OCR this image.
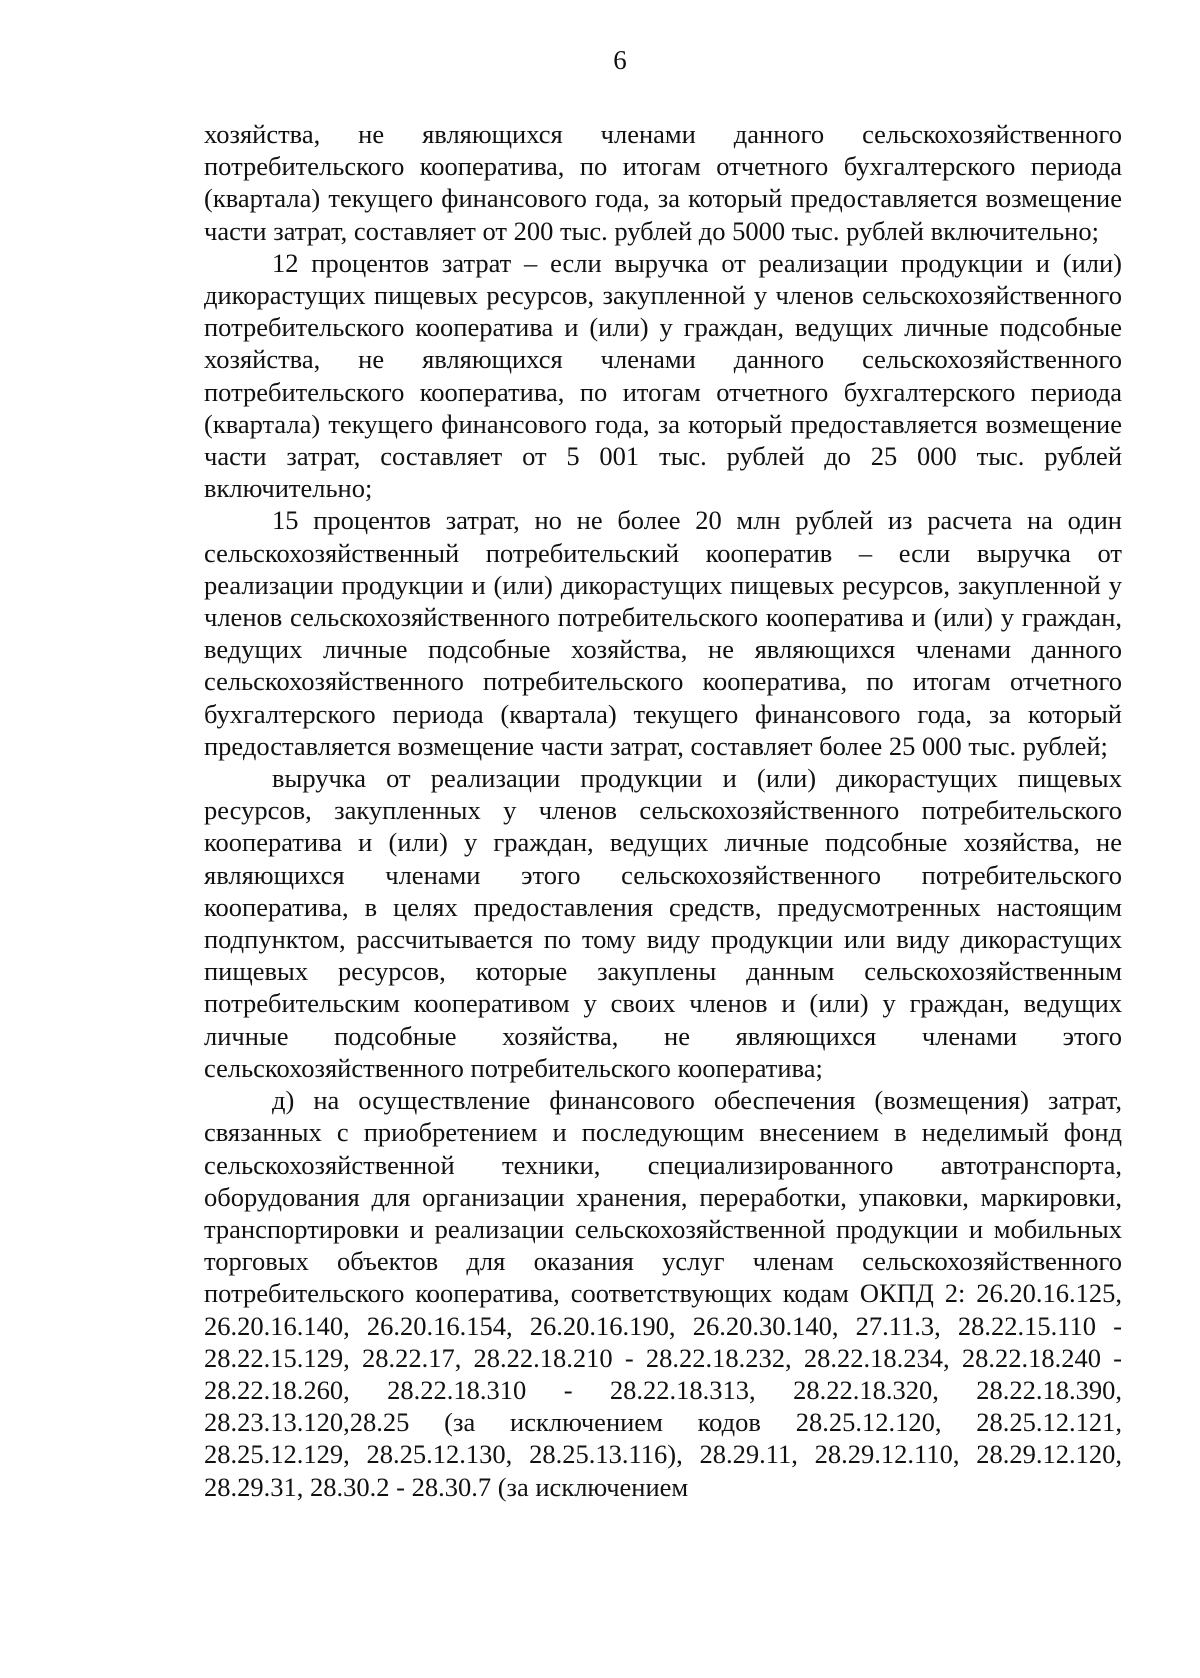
6

хозяйства, не являющихся членами данного сельскохозяйственного потребительского кооператива, по итогам отчетного бухгалтерского периода (квартала) текущего финансового года, за который предоставляется возмещение части затрат, составляет от 200 тыс. рублей до 5000 тыс. рублей включительно;

12 процентов затрат – если выручка от реализации продукции и (или) дикорастущих пищевых ресурсов, закупленной у членов сельскохозяйственного потребительского кооператива и (или) у граждан, ведущих личные подсобные хозяйства, не являющихся членами данного сельскохозяйственного потребительского кооператива, по итогам отчетного бухгалтерского периода (квартала) текущего финансового года, за который предоставляется возмещение части затрат, составляет от 5 001 тыс. рублей до 25 000 тыс. рублей включительно;

15 процентов затрат, но не более 20 млн рублей из расчета на один сельскохозяйственный потребительский кооператив – если выручка от реализации продукции и (или) дикорастущих пищевых ресурсов, закупленной у членов сельскохозяйственного потребительского кооператива и (или) у граждан, ведущих личные подсобные хозяйства, не являющихся членами данного сельскохозяйственного потребительского кооператива, по итогам отчетного бухгалтерского периода (квартала) текущего финансового года, за который предоставляется возмещение части затрат, составляет более 25 000 тыс. рублей;

выручка от реализации продукции и (или) дикорастущих пищевых ресурсов, закупленных у членов сельскохозяйственного потребительского кооператива и (или) у граждан, ведущих личные подсобные хозяйства, не являющихся членами этого сельскохозяйственного потребительского кооператива, в целях предоставления средств, предусмотренных настоящим подпунктом, рассчитывается по тому виду продукции или виду дикорастущих пищевых ресурсов, которые закуплены данным сельскохозяйственным потребительским кооперативом у своих членов и (или) у граждан, ведущих личные подсобные хозяйства, не являющихся членами этого сельскохозяйственного потребительского кооператива;

д) на осуществление финансового обеспечения (возмещения) затрат, связанных с приобретением и последующим внесением в неделимый фонд сельскохозяйственной техники, специализированного автотранспорта, оборудования для организации хранения, переработки, упаковки, маркировки, транспортировки и реализации сельскохозяйственной продукции и мобильных торговых объектов для оказания услуг членам сельскохозяйственного потребительского кооператива, соответствующих кодам ОКПД 2: 26.20.16.125, 26.20.16.140, 26.20.16.154, 26.20.16.190, 26.20.30.140, 27.11.3, 28.22.15.110 - 28.22.15.129, 28.22.17, 28.22.18.210 - 28.22.18.232, 28.22.18.234, 28.22.18.240 - 28.22.18.260, 28.22.18.310 - 28.22.18.313, 28.22.18.320, 28.22.18.390, 28.23.13.120,28.25 (за исключением кодов 28.25.12.120, 28.25.12.121, 28.25.12.129, 28.25.12.130, 28.25.13.116), 28.29.11, 28.29.12.110, 28.29.12.120, 28.29.31, 28.30.2 - 28.30.7 (за исключением
